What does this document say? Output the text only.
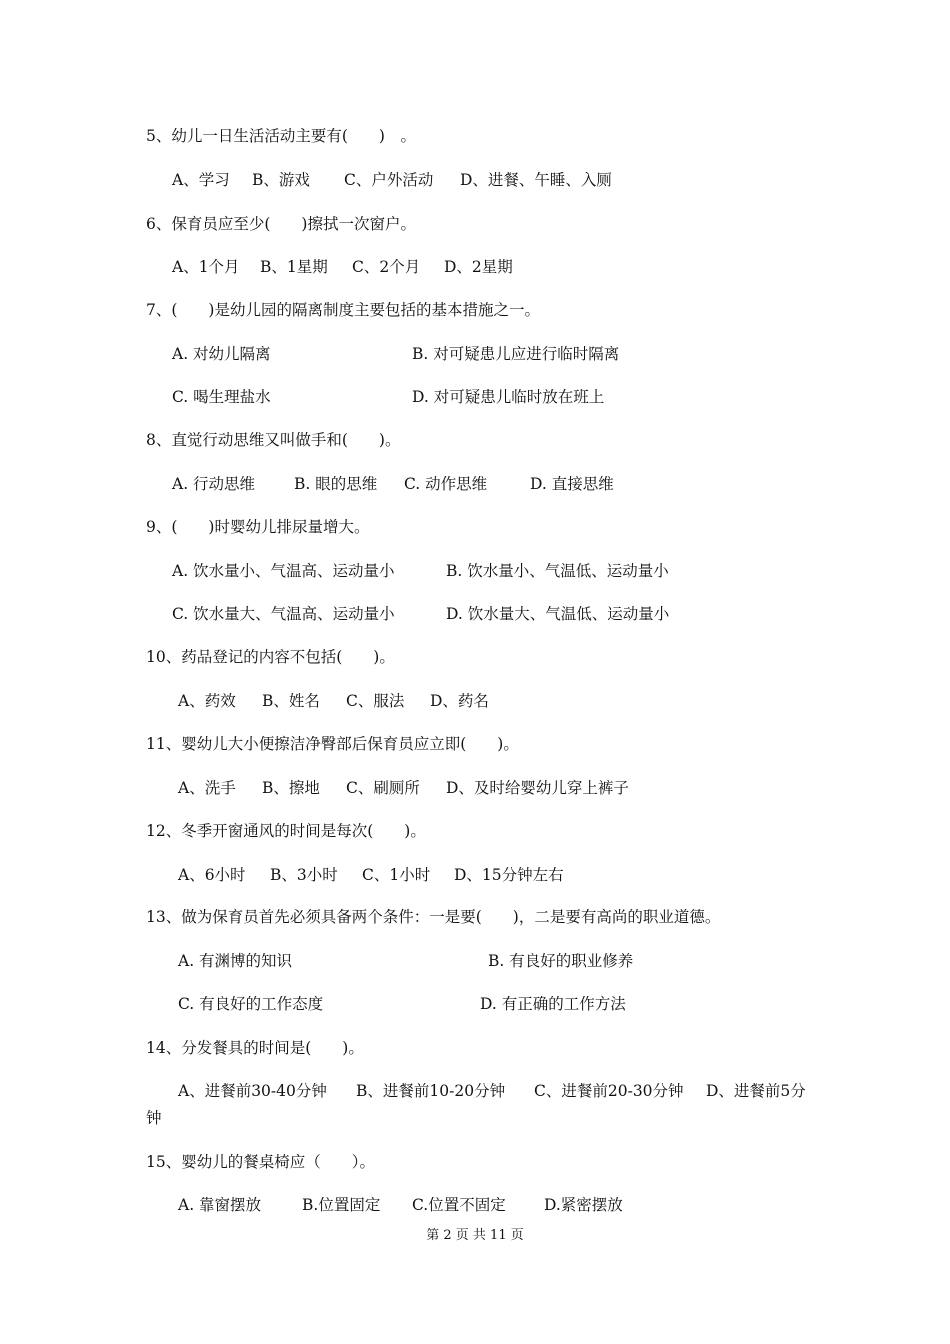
5、幼儿一日生活活动主要有(　　)　。
A、学习 B、游戏 C、户外活动 D、进餐、午睡、入厕
6、保育员应至少(　　)擦拭一次窗户。
A、1个月 B、1星期 C、2个月 D、2星期
7、(　　)是幼儿园的隔离制度主要包括的基本措施之一。
A. 对幼儿隔离	B. 对可疑患儿应进行临时隔离
C. 喝生理盐水	D. 对可疑患儿临时放在班上
8、直觉行动思维又叫做手和(　　)。
A. 行动思维	B. 眼的思维 C. 动作思维	D. 直接思维
9、(　　)时婴幼儿排尿量增大。
A. 饮水量小、气温高、运动量小	B. 饮水量小、气温低、运动量小
C. 饮水量大、气温高、运动量小	D. 饮水量大、气温低、运动量小
10、药品登记的内容不包括(　　)。
A、药效 B、姓名 C、服法 D、药名
11、婴幼儿大小便擦洁净臀部后保育员应立即(　　)。
A、洗手 B、擦地 C、刷厕所 D、及时给婴幼儿穿上裤子
12、冬季开窗通风的时间是每次(　　)。
A、6小时 B、3小时 C、1小时 D、15分钟左右
13、做为保育员首先必须具备两个条件：一是要(　　)，二是要有高尚的职业道德。
A. 有渊博的知识	B. 有良好的职业修养
C. 有良好的工作态度	D. 有正确的工作方法
14、分发餐具的时间是(　　)。
A、进餐前30-40分钟 B、进餐前10-20分钟 C、进餐前20-30分钟 D、进餐前5分
钟
15、婴幼儿的餐桌椅应（　　）。
A. 靠窗摆放	B.位置固定 C.位置不固定 D.紧密摆放
第 2 页 共 11 页
